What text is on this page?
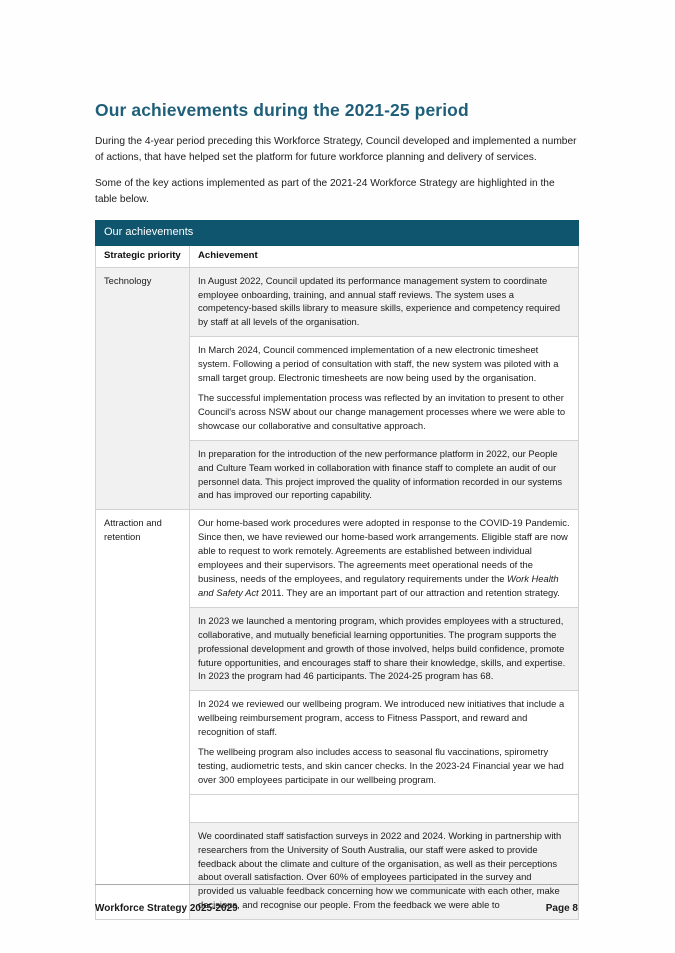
Our achievements during the 2021-25 period

During the 4-year period preceding this Workforce Strategy, Council developed and implemented a number of actions, that have helped set the platform for future workforce planning and delivery of services.

Some of the key actions implemented as part of the 2021-24 Workforce Strategy are highlighted in the table below.

Our achievements	
Strategic priority	Achievement
Technology	In August 2022, Council updated its performance management system to coordinate employee onboarding, training, and annual staff reviews. The system uses a competency-based skills library to measure skills, experience and competency required by staff at all levels of the organisation.

	In March 2024, Council commenced implementation of a new electronic timesheet system. Following a period of consultation with staff, the new system was piloted with a small target group. Electronic timesheets are now being used by the organisation.

The successful implementation process was reflected by an invitation to present to other Council's across NSW about our change management processes where we were able to showcase our collaborative and consultative approach.

	In preparation for the introduction of the new performance platform in 2022, our People and Culture Team worked in collaboration with finance staff to complete an audit of our personnel data. This project improved the quality of information recorded in our systems and has improved our reporting capability.

Attraction and retention	Our home-based work procedures were adopted in response to the COVID-19 Pandemic. Since then, we have reviewed our home-based work arrangements. Eligible staff are now able to request to work remotely. Agreements are established between individual employees and their supervisors. The agreements meet operational needs of the business, needs of the employees, and regulatory requirements under the Work Health and Safety Act 2011. They are an important part of our attraction and retention strategy.

	In 2023 we launched a mentoring program, which provides employees with a structured, collaborative, and mutually beneficial learning opportunities. The program supports the professional development and growth of those involved, helps build confidence, promote future opportunities, and encourages staff to share their knowledge, skills, and expertise. In 2023 the program had 46 participants. The 2024-25 program has 68.

	In 2024 we reviewed our wellbeing program. We introduced new initiatives that include a wellbeing reimbursement program, access to Fitness Passport, and reward and recognition of staff.

The wellbeing program also includes access to seasonal flu vaccinations, spirometry testing, audiometric tests, and skin cancer checks. In the 2023-24 Financial year we had over 300 employees participate in our wellbeing program.

	We coordinated staff satisfaction surveys in 2022 and 2024. Working in partnership with researchers from the University of South Australia, our staff were asked to provide feedback about the climate and culture of the organisation, as well as their perceptions about overall satisfaction. Over 60% of employees participated in the survey and provided us valuable feedback concerning how we communicate with each other, make decisions, and recognise our people. From the feedback we were able to

Workforce Strategy 2025-2029	Page 8
